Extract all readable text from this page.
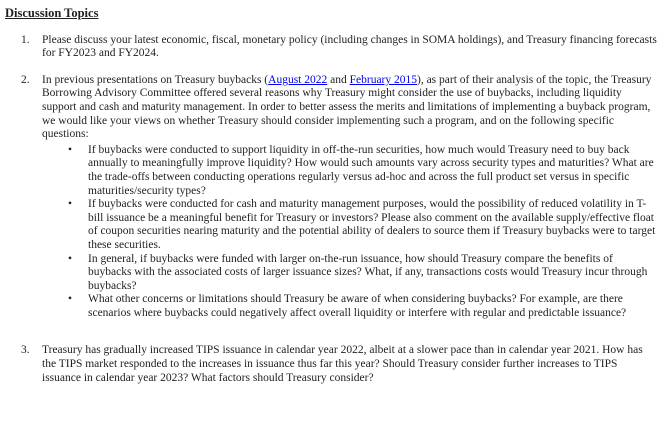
Discussion Topics
1.	Please discuss your latest economic, fiscal, monetary policy (including changes in SOMA holdings), and Treasury financing forecasts for FY2023 and FY2024.
2.	In previous presentations on Treasury buybacks (August 2022 and February 2015), as part of their analysis of the topic, the Treasury Borrowing Advisory Committee offered several reasons why Treasury might consider the use of buybacks, including liquidity support and cash and maturity management. In order to better assess the merits and limitations of implementing a buyback program, we would like your views on whether Treasury should consider implementing such a program, and on the following specific questions:
•
If buybacks were conducted to support liquidity in off-the-run securities, how much would Treasury need to buy back annually to meaningfully improve liquidity? How would such amounts vary across security types and maturities? What are the trade-offs between conducting operations regularly versus ad-hoc and across the full product set versus in specific maturities/security types?
•
If buybacks were conducted for cash and maturity management purposes, would the possibility of reduced volatility in T-bill issuance be a meaningful benefit for Treasury or investors? Please also comment on the available supply/effective float of coupon securities nearing maturity and the potential ability of dealers to source them if Treasury buybacks were to target these securities.
•
In general, if buybacks were funded with larger on-the-run issuance, how should Treasury compare the benefits of buybacks with the associated costs of larger issuance sizes? What, if any, transactions costs would Treasury incur through buybacks?
•
What other concerns or limitations should Treasury be aware of when considering buybacks? For example, are there scenarios where buybacks could negatively affect overall liquidity or interfere with regular and predictable issuance?
3.	Treasury has gradually increased TIPS issuance in calendar year 2022, albeit at a slower pace than in calendar year 2021. How has the TIPS market responded to the increases in issuance thus far this year? Should Treasury consider further increases to TIPS issuance in calendar year 2023? What factors should Treasury consider?
